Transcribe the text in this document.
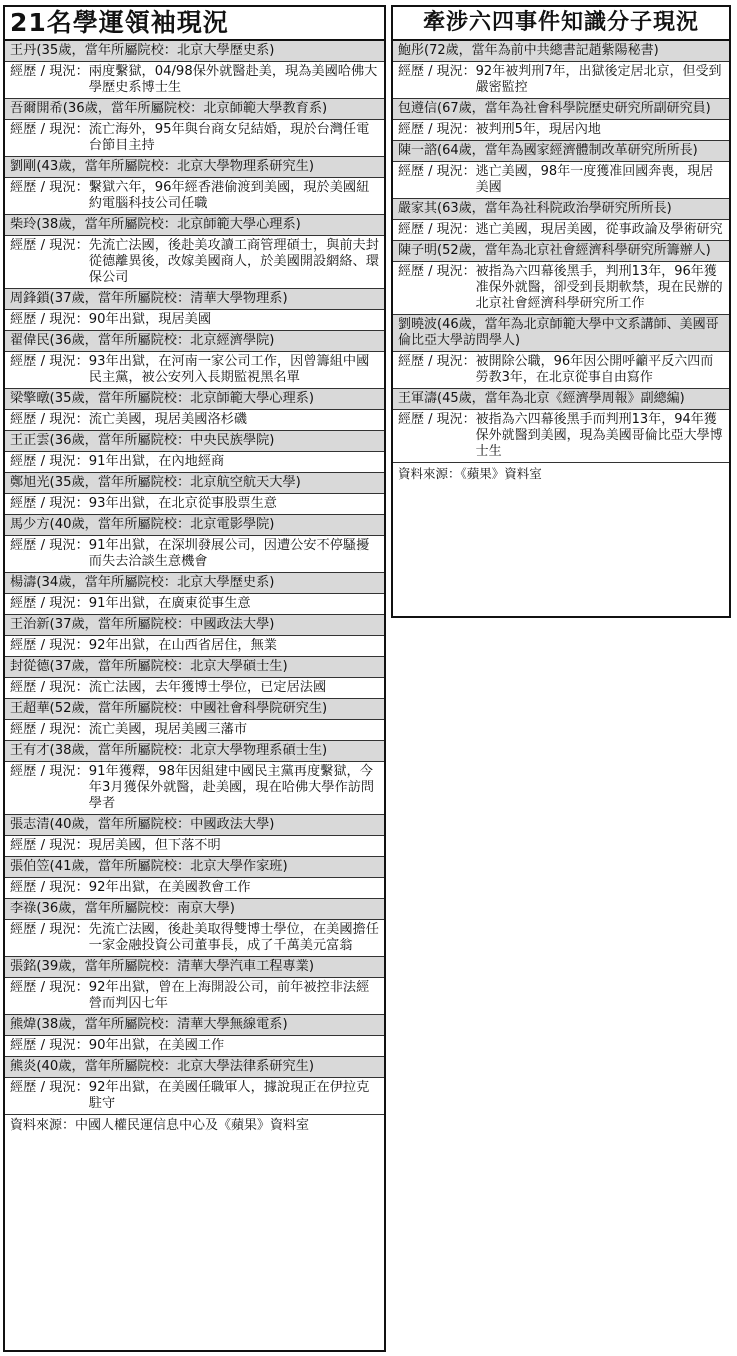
21名學運領袖現況
王丹(35歲，當年所屬院校：北京大學歷史系)
經歷 / 現況： 兩度繫獄，04/98保外就醫赴美，現為美國哈佛大學歷史系博士生
吾爾開希(36歲，當年所屬院校：北京師範大學教育系)
經歷 / 現況： 流亡海外，95年與台商女兒結婚，現於台灣任電台節目主持
劉剛(43歲，當年所屬院校：北京大學物理系研究生)
經歷 / 現況： 繫獄六年，96年經香港偷渡到美國，現於美國紐約電腦科技公司任職
柴玲(38歲，當年所屬院校：北京師範大學心理系)
經歷 / 現況： 先流亡法國，後赴美攻讀工商管理碩士，與前夫封從德離異後，改嫁美國商人，於美國開設網絡、環保公司
周鋒鎖(37歲，當年所屬院校：清華大學物理系)
經歷 / 現況： 90年出獄，現居美國
翟偉民(36歲，當年所屬院校：北京經濟學院)
經歷 / 現況： 93年出獄，在河南一家公司工作，因曾籌組中國民主黨，被公安列入長期監視黑名單
梁擎暾(35歲，當年所屬院校：北京師範大學心理系)
經歷 / 現況： 流亡美國，現居美國洛杉磯
王正雲(36歲，當年所屬院校：中央民族學院)
經歷 / 現況： 91年出獄，在內地經商
鄭旭光(35歲，當年所屬院校：北京航空航天大學)
經歷 / 現況： 93年出獄，在北京從事股票生意
馬少方(40歲，當年所屬院校：北京電影學院)
經歷 / 現況： 91年出獄，在深圳發展公司，因遭公安不停騷擾而失去洽談生意機會
楊濤(34歲，當年所屬院校：北京大學歷史系)
經歷 / 現況： 91年出獄，在廣東從事生意
王治新(37歲，當年所屬院校：中國政法大學)
經歷 / 現況： 92年出獄，在山西省居住，無業
封從德(37歲，當年所屬院校：北京大學碩士生)
經歷 / 現況： 流亡法國，去年獲博士學位，已定居法國
王超華(52歲，當年所屬院校：中國社會科學院研究生)
經歷 / 現況： 流亡美國，現居美國三藩市
王有才(38歲，當年所屬院校：北京大學物理系碩士生)
經歷 / 現況： 91年獲釋，98年因組建中國民主黨再度繫獄，今年3月獲保外就醫，赴美國，現在哈佛大學作訪問學者
張志清(40歲，當年所屬院校：中國政法大學)
經歷 / 現況： 現居美國，但下落不明
張伯笠(41歲，當年所屬院校：北京大學作家班)
經歷 / 現況： 92年出獄，在美國教會工作
李祿(36歲，當年所屬院校：南京大學)
經歷 / 現況： 先流亡法國，後赴美取得雙博士學位，在美國擔任一家金融投資公司董事長，成了千萬美元富翁
張銘(39歲，當年所屬院校：清華大學汽車工程專業)
經歷 / 現況： 92年出獄，曾在上海開設公司，前年被控非法經營而判囚七年
熊煒(38歲，當年所屬院校：清華大學無線電系)
經歷 / 現況： 90年出獄，在美國工作
熊炎(40歲，當年所屬院校：北京大學法律系研究生)
經歷 / 現況： 92年出獄，在美國任職軍人，據說現正在伊拉克駐守
資料來源：中國人權民運信息中心及《蘋果》資料室
牽涉六四事件知識分子現況
鮑彤(72歲，當年為前中共總書記趙紫陽秘書)
經歷 / 現況： 92年被判刑7年，出獄後定居北京，但受到嚴密監控
包遵信(67歲，當年為社會科學院歷史研究所副研究員)
經歷 / 現況： 被判刑5年，現居內地
陳一諮(64歲，當年為國家經濟體制改革研究所所長)
經歷 / 現況： 逃亡美國，98年一度獲准回國奔喪，現居美國
嚴家其(63歲，當年為社科院政治學研究所所長)
經歷 / 現況： 逃亡美國，現居美國，從事政論及學術研究
陳子明(52歲，當年為北京社會經濟科學研究所籌辦人)
經歷 / 現況： 被指為六四幕後黑手，判刑13年，96年獲准保外就醫，卻受到長期軟禁，現在民辦的北京社會經濟科學研究所工作
劉曉波(46歲，當年為北京師範大學中文系講師、美國哥倫比亞大學訪問學人)
經歷 / 現況： 被開除公職，96年因公開呼籲平反六四而勞教3年，在北京從事自由寫作
王軍濤(45歲，當年為北京《經濟學周報》副總編)
經歷 / 現況： 被指為六四幕後黑手而判刑13年，94年獲保外就醫到美國，現為美國哥倫比亞大學博士生
資料來源：《蘋果》資料室
